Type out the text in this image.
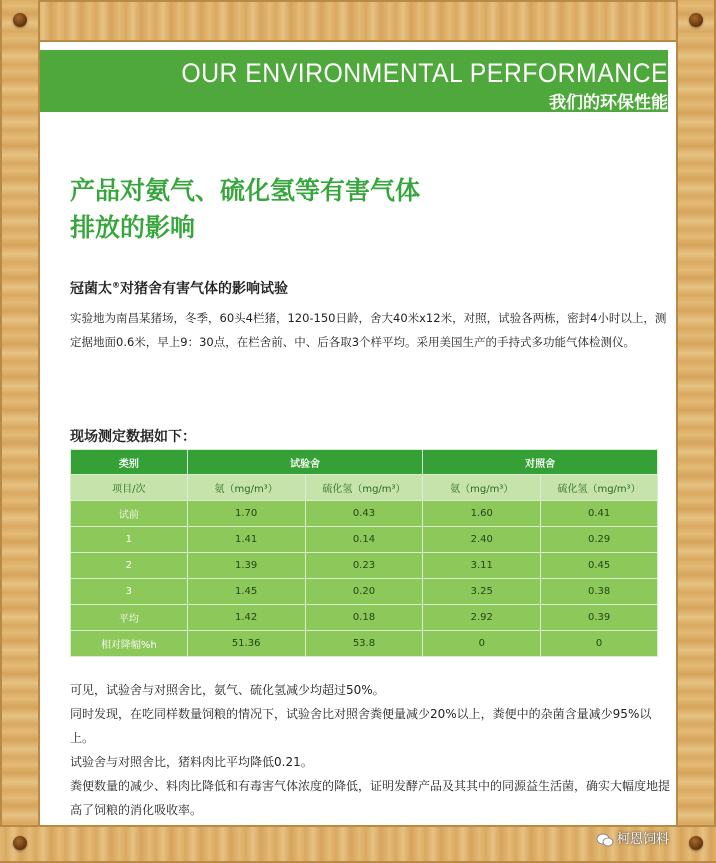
OUR ENVIRONMENTAL PERFORMANCE
我们的环保性能
产品对氨气、硫化氢等有害气体
排放的影响
冠菌太®对猪舍有害气体的影响试验
实验地为南昌某猪场，冬季，60头4栏猪，120-150日龄，舍大40米x12米，对照，试验各两栋，密封4小时以上，测定据地面0.6米，早上9：30点，在栏舍前、中、后各取3个样平均。采用美国生产的手持式多功能气体检测仪。
现场测定数据如下：
类别	试验舍		对照舍	
项目/次	氨（mg/m³）	硫化氢（mg/m³）	氨（mg/m³）	硫化氢（mg/m³）
试前	1.70	0.43	1.60	0.41
1	1.41	0.14	2.40	0.29
2	1.39	0.23	3.11	0.45
3	1.45	0.20	3.25	0.38
平均	1.42	0.18	2.92	0.39
相对降幅%h	51.36	53.8	0	0
可见，试验舍与对照舍比，氨气、硫化氢减少均超过50%。
同时发现，在吃同样数量饲粮的情况下，试验舍比对照舍粪便量减少20%以上，粪便中的杂菌含量减少95%以上。
试验舍与对照舍比，猪料肉比平均降低0.21。
粪便数量的减少、料肉比降低和有毒害气体浓度的降低，证明发酵产品及其其中的同源益生活菌，确实大幅度地提高了饲粮的消化吸收率。
柯恩饲料
